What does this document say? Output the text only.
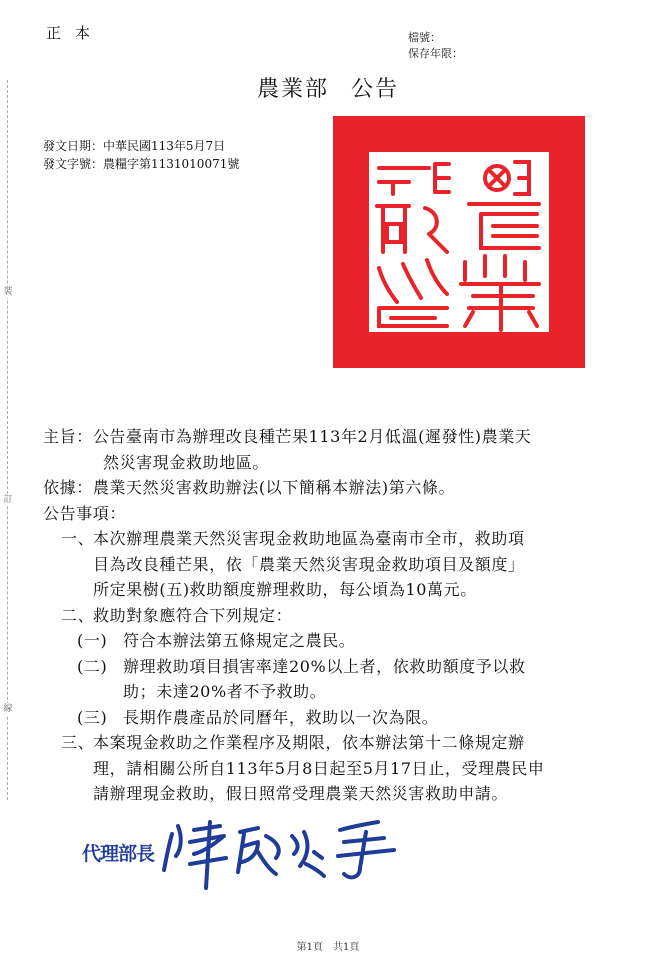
裝
訂
線
正本	檔號：
保存年限：
農業部 公告
發文日期：中華民國113年5月7日
發文字號：農糧字第1131010071號
主旨：公告臺南市為辦理改良種芒果113年2月低溫(遲發性)農業天
然災害現金救助地區。
依據：農業天然災害救助辦法(以下簡稱本辦法)第六條。
公告事項：
一、
本次辦理農業天然災害現金救助地區為臺南市全市，救助項
目為改良種芒果，依「農業天然災害現金救助項目及額度」
所定果樹(五)救助額度辦理救助，每公頃為10萬元。
二、
救助對象應符合下列規定：
(一) 符合本辦法第五條規定之農民。
(二) 辦理救助項目損害率達20%以上者，依救助額度予以救
助；未達20%者不予救助。
(三) 長期作農產品於同曆年，救助以一次為限。
三、
本案現金救助之作業程序及期限，依本辦法第十二條規定辦
理，請相關公所自113年5月8日起至5月17日止，受理農民申
請辦理現金救助，假日照常受理農業天然災害救助申請。
代理部長
第1頁 共1頁
